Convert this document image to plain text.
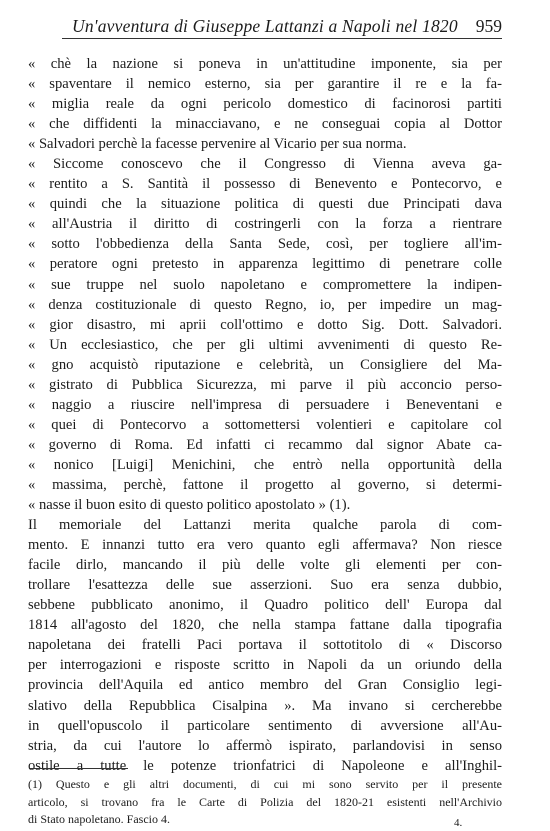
Un'avventura di Giuseppe Lattanzi a Napoli nel 1820 959
« chè la nazione si poneva in un'attitudine imponente, sia per
« spaventare il nemico esterno, sia per garantire il re e la fa-
« miglia reale da ogni pericolo domestico di facinorosi partiti
« che diffidenti la minacciavano, e ne conseguai copia al Dottor
« Salvadori perchè la facesse pervenire al Vicario per sua norma.
« Siccome conoscevo che il Congresso di Vienna aveva ga-
« rentito a S. Santità il possesso di Benevento e Pontecorvo, e
« quindi che la situazione politica di questi due Principati dava
« all'Austria il diritto di costringerli con la forza a rientrare
« sotto l'obbedienza della Santa Sede, così, per togliere all'im-
« peratore ogni pretesto in apparenza legittimo di penetrare colle
« sue truppe nel suolo napoletano e compromettere la indipen-
« denza costituzionale di questo Regno, io, per impedire un mag-
« gior disastro, mi aprii coll'ottimo e dotto Sig. Dott. Salvadori.
« Un ecclesiastico, che per gli ultimi avvenimenti di questo Re-
« gno acquistò riputazione e celebrità, un Consigliere del Ma-
« gistrato di Pubblica Sicurezza, mi parve il più acconcio perso-
« naggio a riuscire nell'impresa di persuadere i Beneventani e
« quei di Pontecorvo a sottomettersi volentieri e capitolare col
« governo di Roma. Ed infatti ci recammo dal signor Abate ca-
« nonico [Luigi] Menichini, che entrò nella opportunità della
« massima, perchè, fattone il progetto al governo, si determi-
« nasse il buon esito di questo politico apostolato » (1).
Il memoriale del Lattanzi merita qualche parola di com-
mento. E innanzi tutto era vero quanto egli affermava? Non riesce
facile dirlo, mancando il più delle volte gli elementi per con-
trollare l'esattezza delle sue asserzioni. Suo era senza dubbio,
sebbene pubblicato anonimo, il Quadro politico dell' Europa dal
1814 all'agosto del 1820, che nella stampa fattane dalla tipografia
napoletana dei fratelli Paci portava il sottotitolo di « Discorso
per interrogazioni e risposte scritto in Napoli da un oriundo della
provincia dell'Aquila ed antico membro del Gran Consiglio legi-
slativo della Repubblica Cisalpina ». Ma invano si cercherebbe
in quell'opuscolo il particolare sentimento di avversione all'Au-
stria, da cui l'autore lo affermò ispirato, parlandovisi in senso
ostile a tutte le potenze trionfatrici di Napoleone e all'Inghil-
(1) Questo e gli altri documenti, di cui mi sono servito per il presente
articolo, si trovano fra le Carte di Polizia del 1820-21 esistenti nell'Archivio
di Stato napoletano. Fascio 4.	4.
